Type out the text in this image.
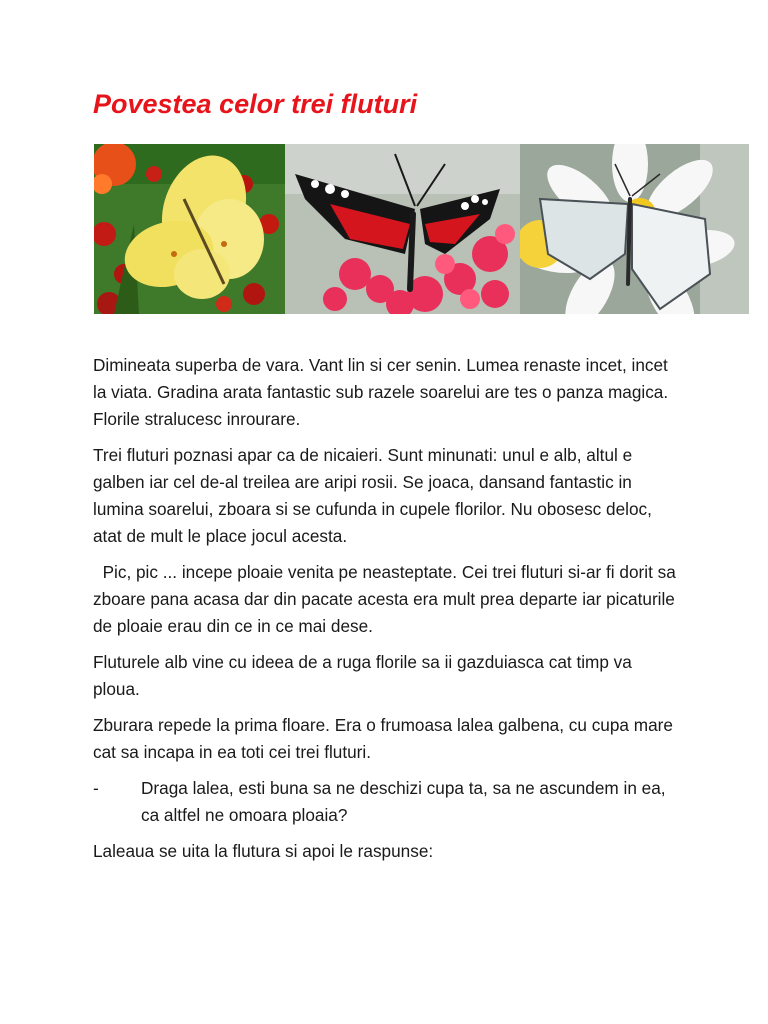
Povestea celor trei fluturi

Dimineata superba de vara. Vant lin si cer senin. Lumea renaste incet, incet la viata. Gradina arata fantastic sub razele soarelui are tes o panza magica. Florile stralucesc inrourare.

Trei fluturi poznasi apar ca de nicaieri. Sunt minunati: unul e alb, altul e galben iar cel de-al treilea are aripi rosii. Se joaca, dansand fantastic in lumina soarelui, zboara si se cufunda in cupele florilor. Nu obosesc deloc, atat de mult le place jocul acesta.

Pic, pic ... incepe ploaie venita pe neasteptate. Cei trei fluturi si-ar fi dorit sa zboare pana acasa dar din pacate acesta era mult prea departe iar picaturile de ploaie erau din ce in ce mai dese.

Fluturele alb vine cu ideea de a ruga florile sa ii gazduiasca cat timp va ploua.

Zburara repede la prima floare. Era o frumoasa lalea galbena, cu cupa mare cat sa incapa in ea toti cei trei fluturi.

-	Draga lalea, esti buna sa ne deschizi cupa ta, sa ne ascundem in ea, ca altfel ne omoara ploaia?

Laleaua se uita la flutura si apoi le raspunse:
